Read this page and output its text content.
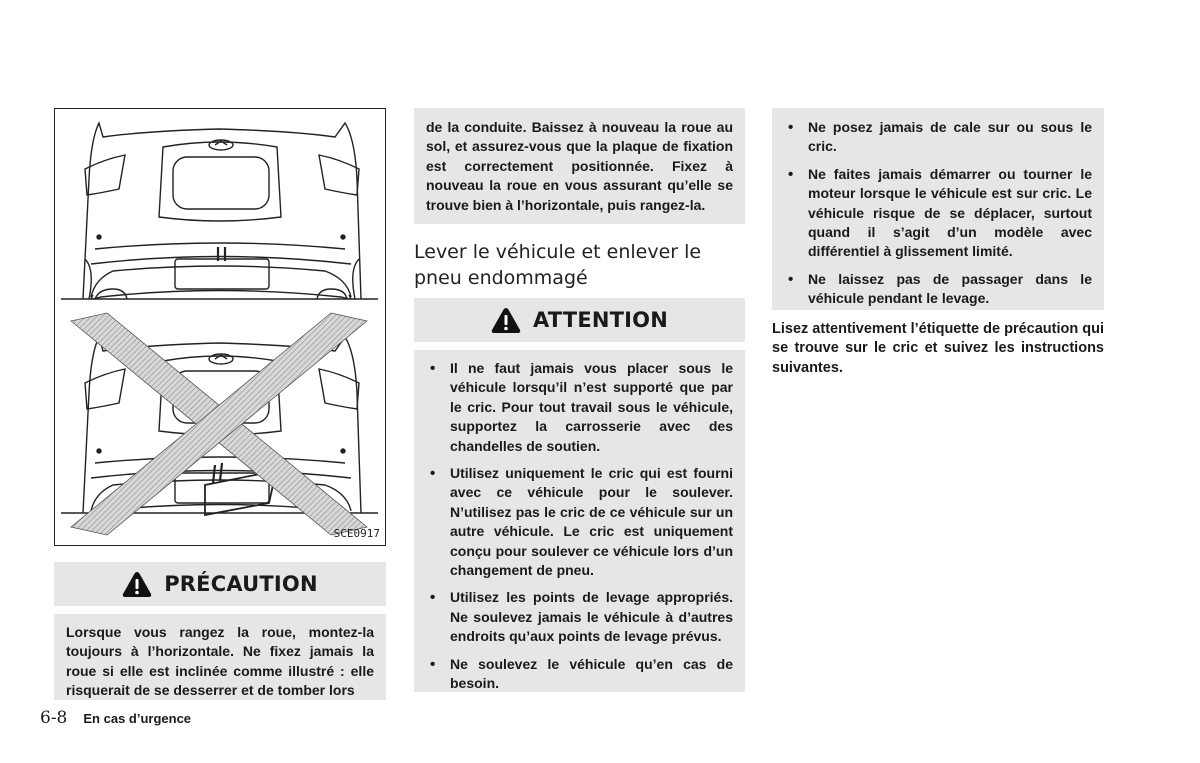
SCE0917
PRÉCAUTION

Lorsque vous rangez la roue, montez-la toujours à l’horizontale. Ne fixez jamais la roue si elle est inclinée comme illustré : elle risquerait de se desserrer et de tomber lors

6-8 En cas d’urgence

de la conduite. Baissez à nouveau la roue au sol, et assurez-vous que la plaque de fixation est correctement positionnée. Fixez à nouveau la roue en vous assurant qu’elle se trouve bien à l’horizontale, puis rangez-la.

Lever le véhicule et enlever le pneu endommagé
ATTENTION
• Il ne faut jamais vous placer sous le véhicule lorsqu’il n’est supporté que par le cric. Pour tout travail sous le véhicule, supportez la carrosserie avec des chandelles de soutien.
• Utilisez uniquement le cric qui est fourni avec ce véhicule pour le soulever. N’utilisez pas le cric de ce véhicule sur un autre véhicule. Le cric est uniquement conçu pour soulever ce véhicule lors d’un changement de pneu.
• Utilisez les points de levage appropriés. Ne soulevez jamais le véhicule à d’autres endroits qu’aux points de levage prévus.
• Ne soulevez le véhicule qu’en cas de besoin.
• Ne posez jamais de cale sur ou sous le cric.
• Ne faites jamais démarrer ou tourner le moteur lorsque le véhicule est sur cric. Le véhicule risque de se déplacer, surtout quand il s’agit d’un modèle avec différentiel à glissement limité.
• Ne laissez pas de passager dans le véhicule pendant le levage.

Lisez attentivement l’étiquette de précaution qui se trouve sur le cric et suivez les instructions suivantes.
